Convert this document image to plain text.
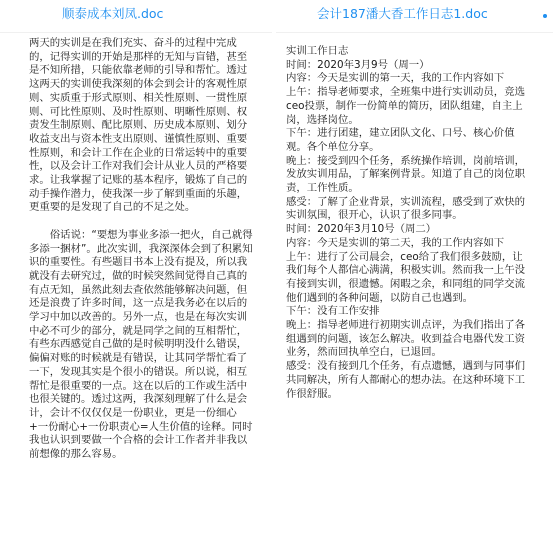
顺泰成本刘凤.doc

两天的实训是在我们充实、奋斗的过程中完成的，记得实训的开始是那样的无知与盲错，甚至是不知所措，只能依靠老师的引导和帮忙。透过这两天的实训使我深刻的体会到会计的客观性原则、实质重于形式原则、相关性原则、一贯性原则、可比性原则、及时性原则、明晰性原则、权责发生制原则、配比原则、历史成本原则、划分收益支出与资本性支出原则、谨慎性原则、重要性原则，和会计工作在企业的日常运转中的重要性，以及会计工作对我们会计从业人员的严格要求。让我掌握了记账的基本程序，锻炼了自己的动手操作潜力，使我深一步了解到重面的乐趣，更重要的是发现了自己的不足之处。

俗话说：“要想为事业多添一把火，自己就得多添一捆材”。此次实训，我深深体会到了积累知识的重要性。有些题目书本上没有提及，所以我就没有去研究过，做的时候突然间觉得自己真的有点无知，虽然此刻去查依然能够解决问题，但还是浪费了许多时间，这一点是我务必在以后的学习中加以改善的。另外一点，也是在每次实训中必不可少的部分，就是同学之间的互相帮忙，有些东西感觉自己做的是时候明明没什么错误，偏偏对账的时候就是有错误，让其同学帮忙看了一下，发现其实是个很小的错误。所以说，相互帮忙是很重要的一点。这在以后的工作或生活中也很关键的。透过这两，我深刻理解了什么是会计，会计不仅仅仅是一份职业，更是一份细心+一份耐心+一份职责心=人生价值的诠释。同时我也认识到要做一个合格的会计工作者并非我以前想像的那么容易。

会计187潘大香工作日志1.doc
实训工作日志
时间：2020年3月9号（周一）
内容：今天是实训的第一天，我的工作内容如下
上午：指导老师要求，全班集中进行实训动员，竞选ceo投票，制作一份简单的简历，团队组建，自主上岗，选择岗位。
下午：进行团建，建立团队文化、口号、核心价值观。各个单位分享。
晚上：接受到四个任务，系统操作培训，岗前培训，发放实训用品，了解案例背景。知道了自己的岗位职责，工作性质。
感受：了解了企业背景，实训流程，感受到了欢快的实训氛围，很开心，认识了很多同事。
时间：2020年3月10号（周二）
内容：今天是实训的第二天，我的工作内容如下
上午：进行了公司晨会，ceo给了我们很多鼓励，让我们每个人都信心满满，积极实训。然而我一上午没有接到实训，很遗憾。闲暇之余，和同组的同学交流他们遇到的各种问题，以防自己也遇到。
下午：没有工作安排
晚上：指导老师进行初期实训点评，为我们指出了各组遇到的问题，该怎么解决。收到益合电器代发工资业务，然而回执单空白，已退回。
感受：没有接到几个任务，有点遗憾，遇到与同事们共同解决，所有人都耐心的想办法。在这种环境下工作很舒服。
